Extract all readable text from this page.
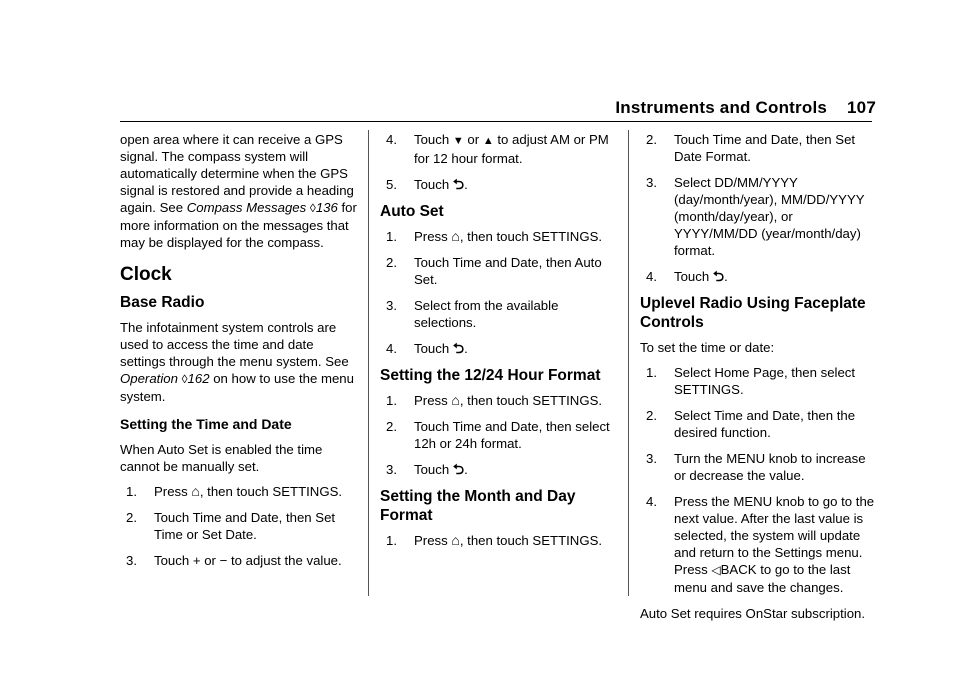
Instruments and Controls 107

open area where it can receive a GPS signal. The compass system will automatically determine when the GPS signal is restored and provide a heading again. See Compass Messages ◊136 for more information on the messages that may be displayed for the compass.

Clock
Base Radio

The infotainment system controls are used to access the time and date settings through the menu system. See Operation ◊162 on how to use the menu system.

Setting the Time and Date

When Auto Set is enabled the time cannot be manually set.

1.	Press ⌂, then touch SETTINGS.
2.	Touch Time and Date, then Set Time or Set Date.
3.	Touch + or − to adjust the value.
4.	Touch ▼ or ▲ to adjust AM or PM for 12 hour format.
5.	Touch ⮌.
Auto Set
1.	Press ⌂, then touch SETTINGS.
2.	Touch Time and Date, then Auto Set.
3.	Select from the available selections.
4.	Touch ⮌.
Setting the 12/24 Hour Format
1.	Press ⌂, then touch SETTINGS.
2.	Touch Time and Date, then select 12h or 24h format.
3.	Touch ⮌.
Setting the Month and Day Format
1.	Press ⌂, then touch SETTINGS.
2.	Touch Time and Date, then Set Date Format.
3.	Select DD/MM/YYYY (day/month/year), MM/DD/YYYY (month/day/year), or YYYY/MM/DD (year/month/day) format.
4.	Touch ⮌.
Uplevel Radio Using Faceplate Controls

To set the time or date:

1.	Select Home Page, then select SETTINGS.
2.	Select Time and Date, then the desired function.
3.	Turn the MENU knob to increase or decrease the value.
4.	Press the MENU knob to go to the next value. After the last value is selected, the system will update and return to the Settings menu. Press ◁BACK to go to the last menu and save the changes.

Auto Set requires OnStar subscription.
